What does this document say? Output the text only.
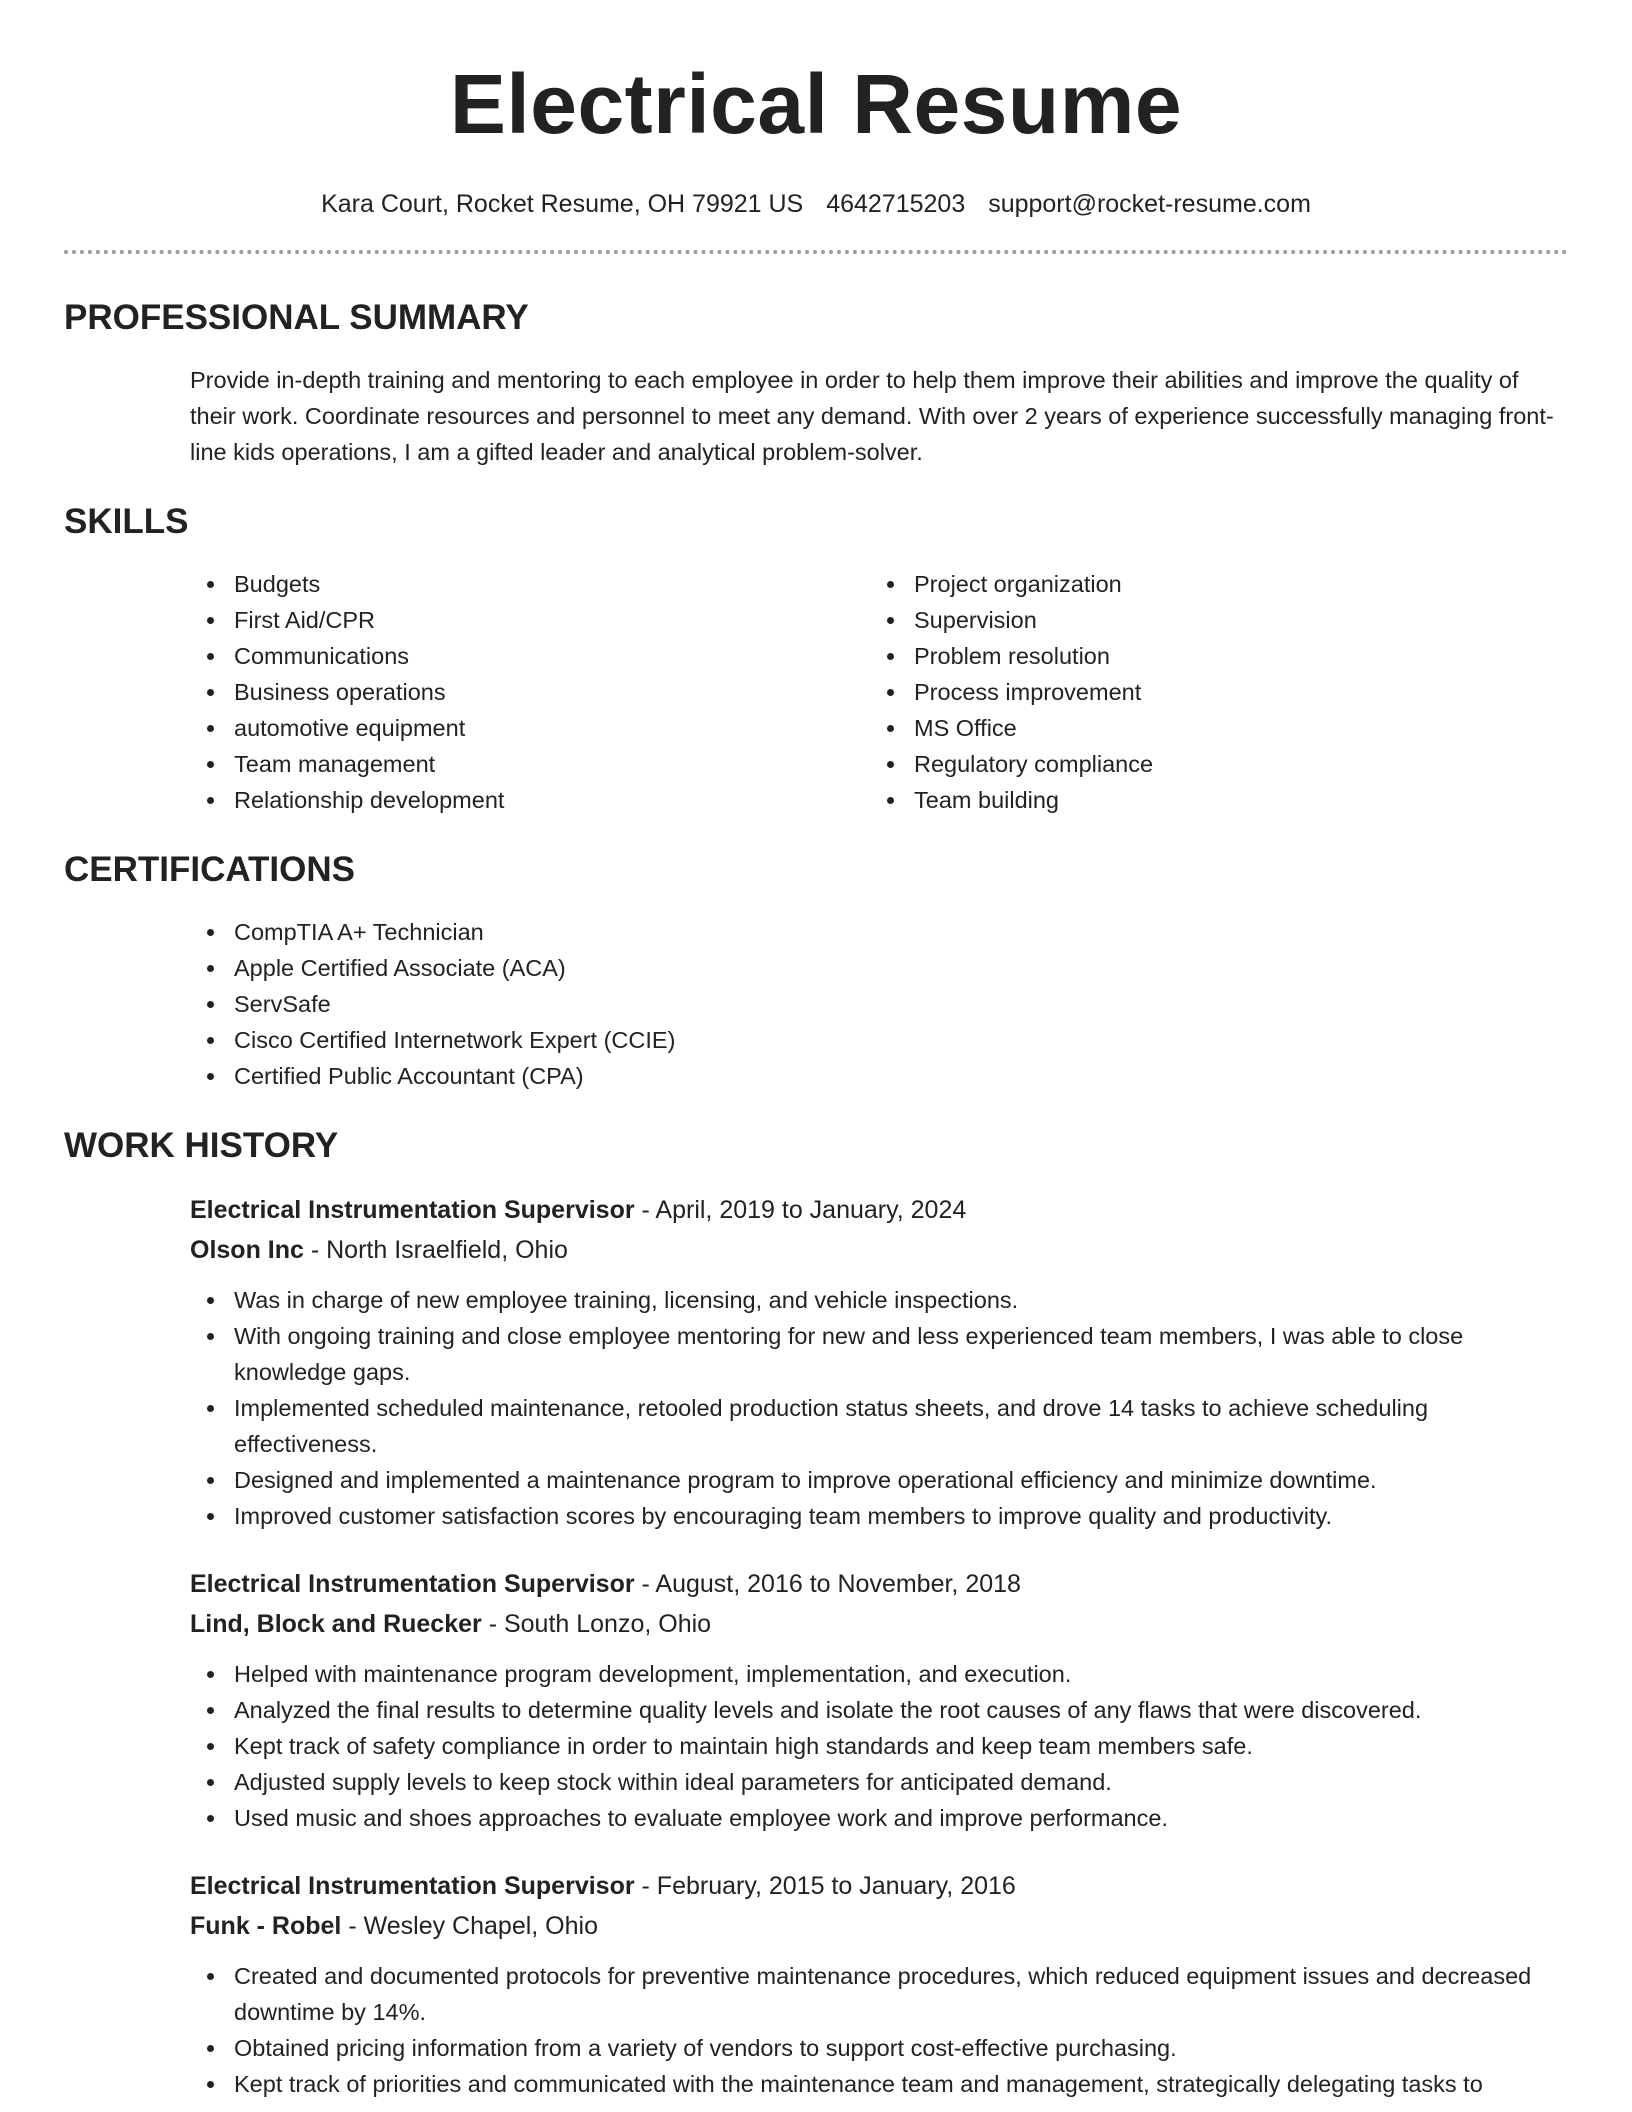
Electrical Resume
Kara Court, Rocket Resume, OH 79921 US 4642715203 support@rocket-resume.com
PROFESSIONAL SUMMARY

Provide in-depth training and mentoring to each employee in order to help them improve their abilities and improve the quality of their work. Coordinate resources and personnel to meet any demand. With over 2 years of experience successfully managing front-line kids operations, I am a gifted leader and analytical problem-solver.

SKILLS
Budgets
First Aid/CPR
Communications
Business operations
automotive equipment
Team management
Relationship development
Project organization
Supervision
Problem resolution
Process improvement
MS Office
Regulatory compliance
Team building
CERTIFICATIONS
CompTIA A+ Technician
Apple Certified Associate (ACA)
ServSafe
Cisco Certified Internetwork Expert (CCIE)
Certified Public Accountant (CPA)
WORK HISTORY
Electrical Instrumentation Supervisor - April, 2019 to January, 2024
Olson Inc - North Israelfield, Ohio
Was in charge of new employee training, licensing, and vehicle inspections.
With ongoing training and close employee mentoring for new and less experienced team members, I was able to close knowledge gaps.
Implemented scheduled maintenance, retooled production status sheets, and drove 14 tasks to achieve scheduling effectiveness.
Designed and implemented a maintenance program to improve operational efficiency and minimize downtime.
Improved customer satisfaction scores by encouraging team members to improve quality and productivity.
Electrical Instrumentation Supervisor - August, 2016 to November, 2018
Lind, Block and Ruecker - South Lonzo, Ohio
Helped with maintenance program development, implementation, and execution.
Analyzed the final results to determine quality levels and isolate the root causes of any flaws that were discovered.
Kept track of safety compliance in order to maintain high standards and keep team members safe.
Adjusted supply levels to keep stock within ideal parameters for anticipated demand.
Used music and shoes approaches to evaluate employee work and improve performance.
Electrical Instrumentation Supervisor - February, 2015 to January, 2016
Funk - Robel - Wesley Chapel, Ohio
Created and documented protocols for preventive maintenance procedures, which reduced equipment issues and decreased downtime by 14%.
Obtained pricing information from a variety of vendors to support cost-effective purchasing.
Kept track of priorities and communicated with the maintenance team and management, strategically delegating tasks to
